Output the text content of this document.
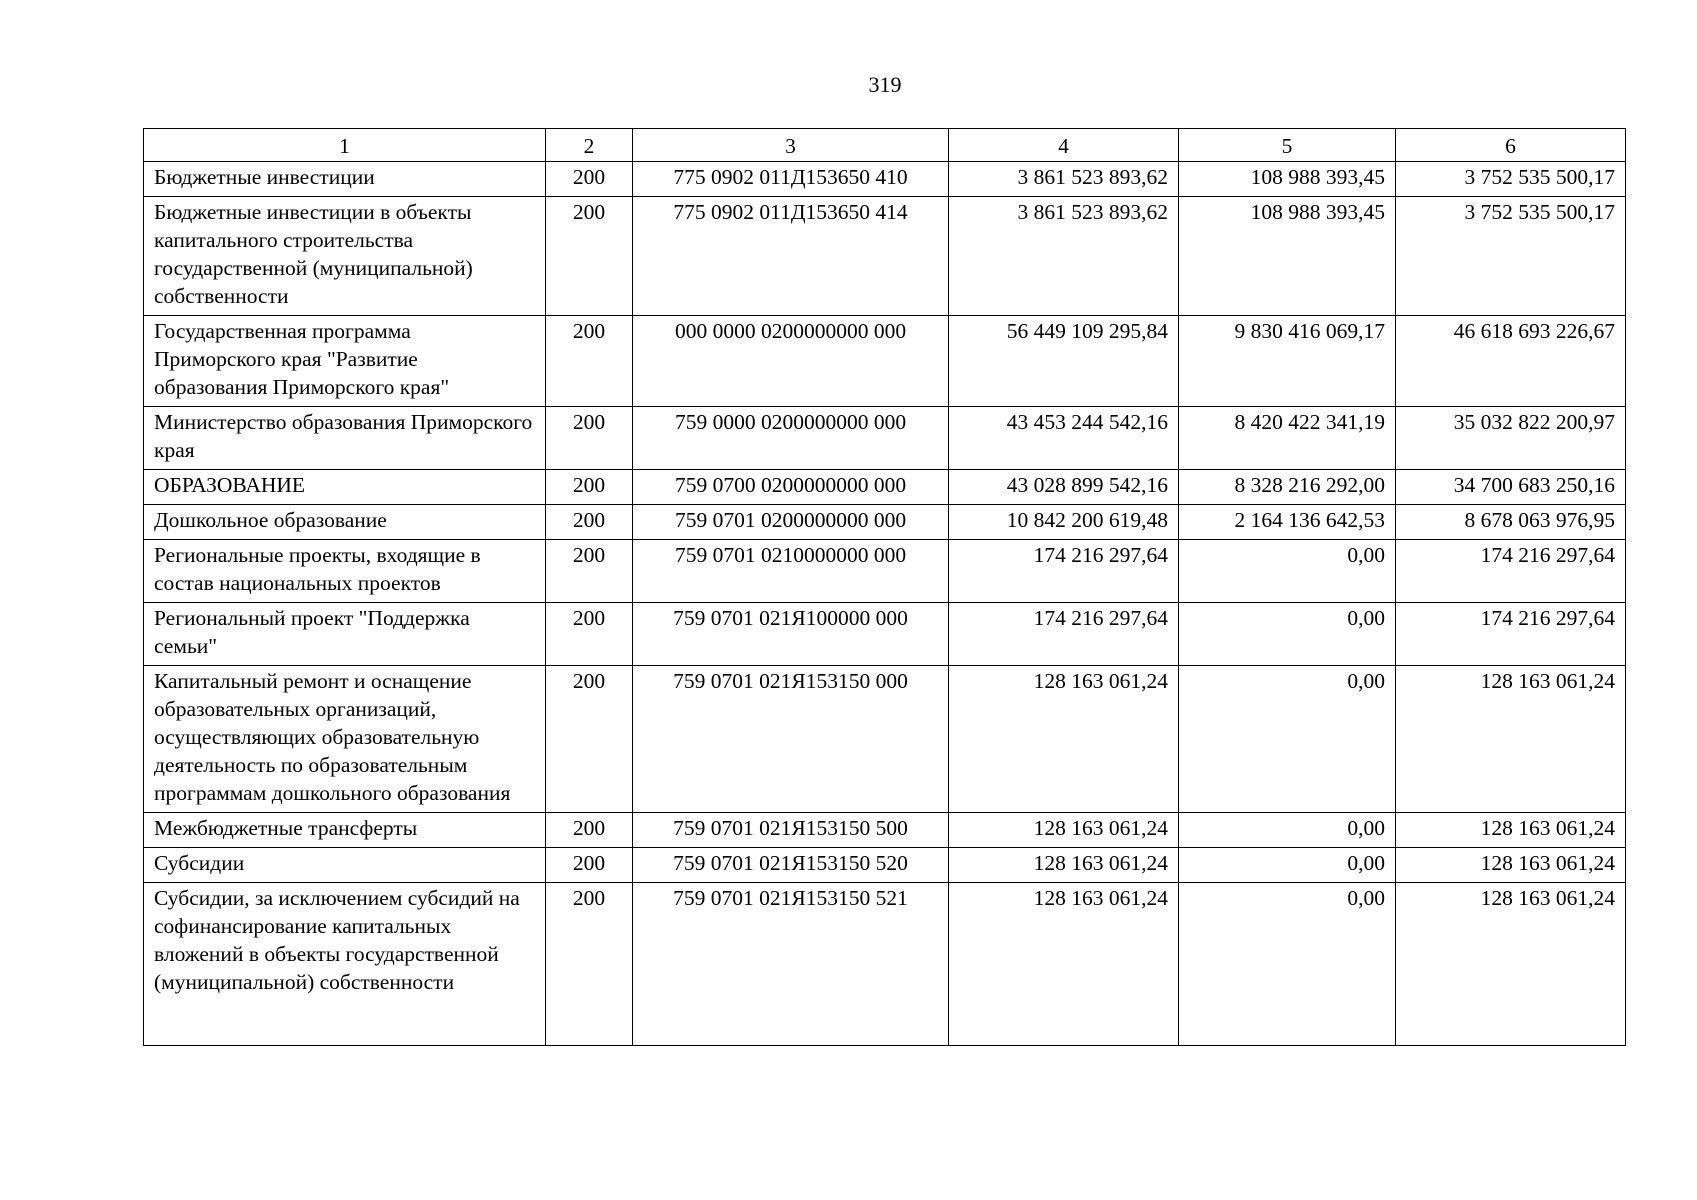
319
1	2	3	4	5	6
Бюджетные инвестиции	200	775 0902 011Д153650 410	3 861 523 893,62	108 988 393,45	3 752 535 500,17
Бюджетные инвестиции в объекты капитального строительства государственной (муниципальной) собственности	200	775 0902 011Д153650 414	3 861 523 893,62	108 988 393,45	3 752 535 500,17
Государственная программа Приморского края "Развитие образования Приморского края"	200	000 0000 0200000000 000	56 449 109 295,84	9 830 416 069,17	46 618 693 226,67
Министерство образования Приморского края	200	759 0000 0200000000 000	43 453 244 542,16	8 420 422 341,19	35 032 822 200,97
ОБРАЗОВАНИЕ	200	759 0700 0200000000 000	43 028 899 542,16	8 328 216 292,00	34 700 683 250,16
Дошкольное образование	200	759 0701 0200000000 000	10 842 200 619,48	2 164 136 642,53	8 678 063 976,95
Региональные проекты, входящие в состав национальных проектов	200	759 0701 0210000000 000	174 216 297,64	0,00	174 216 297,64
Региональный проект "Поддержка семьи"	200	759 0701 021Я100000 000	174 216 297,64	0,00	174 216 297,64
Капитальный ремонт и оснащение образовательных организаций, осуществляющих образовательную деятельность по образовательным программам дошкольного образования	200	759 0701 021Я153150 000	128 163 061,24	0,00	128 163 061,24
Межбюджетные трансферты	200	759 0701 021Я153150 500	128 163 061,24	0,00	128 163 061,24
Субсидии	200	759 0701 021Я153150 520	128 163 061,24	0,00	128 163 061,24
Субсидии, за исключением субсидий на софинансирование капитальных вложений в объекты государственной (муниципальной) собственности	200	759 0701 021Я153150 521	128 163 061,24	0,00	128 163 061,24
